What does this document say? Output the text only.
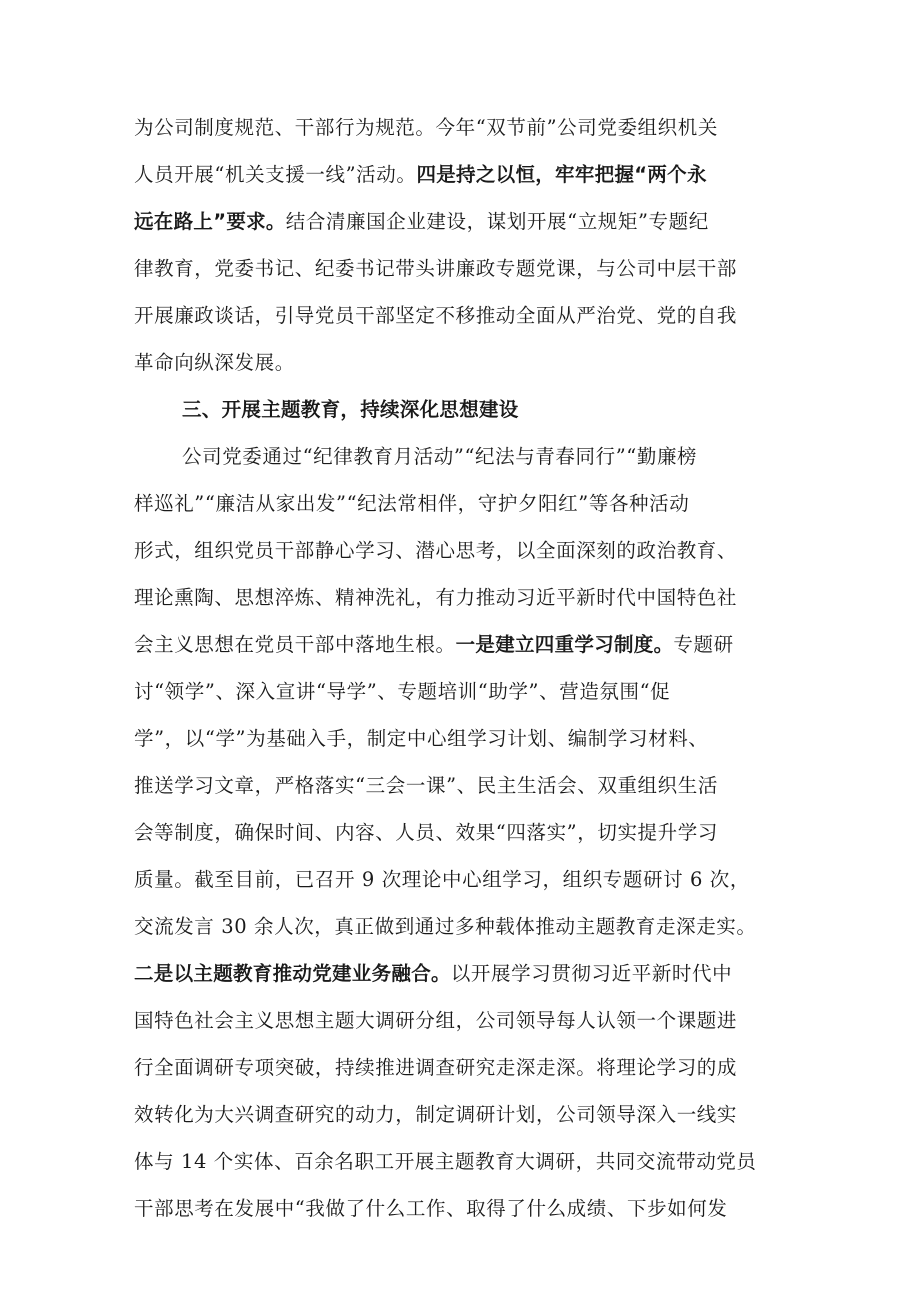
为公司制度规范、干部行为规范。今年“双节前”公司党委组织机关
人员开展“机关支援一线”活动。四是持之以恒，牢牢把握“两个永
远在路上”要求。结合清廉国企业建设，谋划开展“立规矩”专题纪
律教育，党委书记、纪委书记带头讲廉政专题党课，与公司中层干部
开展廉政谈话，引导党员干部坚定不移推动全面从严治党、党的自我
革命向纵深发展。
三、开展主题教育，持续深化思想建设
公司党委通过“纪律教育月活动”“纪法与青春同行”“勤廉榜
样巡礼”“廉洁从家出发”“纪法常相伴，守护夕阳红”等各种活动
形式，组织党员干部静心学习、潜心思考，以全面深刻的政治教育、
理论熏陶、思想淬炼、精神洗礼，有力推动习近平新时代中国特色社
会主义思想在党员干部中落地生根。一是建立四重学习制度。专题研
讨“领学”、深入宣讲“导学”、专题培训“助学”、营造氛围“促
学”，以“学”为基础入手，制定中心组学习计划、编制学习材料、
推送学习文章，严格落实“三会一课”、民主生活会、双重组织生活
会等制度，确保时间、内容、人员、效果“四落实”，切实提升学习
质量。截至目前，已召开 9 次理论中心组学习，组织专题研讨 6 次，
交流发言 30 余人次，真正做到通过多种载体推动主题教育走深走实。
二是以主题教育推动党建业务融合。以开展学习贯彻习近平新时代中
国特色社会主义思想主题大调研分组，公司领导每人认领一个课题进
行全面调研专项突破，持续推进调查研究走深走深。将理论学习的成
效转化为大兴调查研究的动力，制定调研计划，公司领导深入一线实
体与 14 个实体、百余名职工开展主题教育大调研，共同交流带动党员
干部思考在发展中“我做了什么工作、取得了什么成绩、下步如何发
